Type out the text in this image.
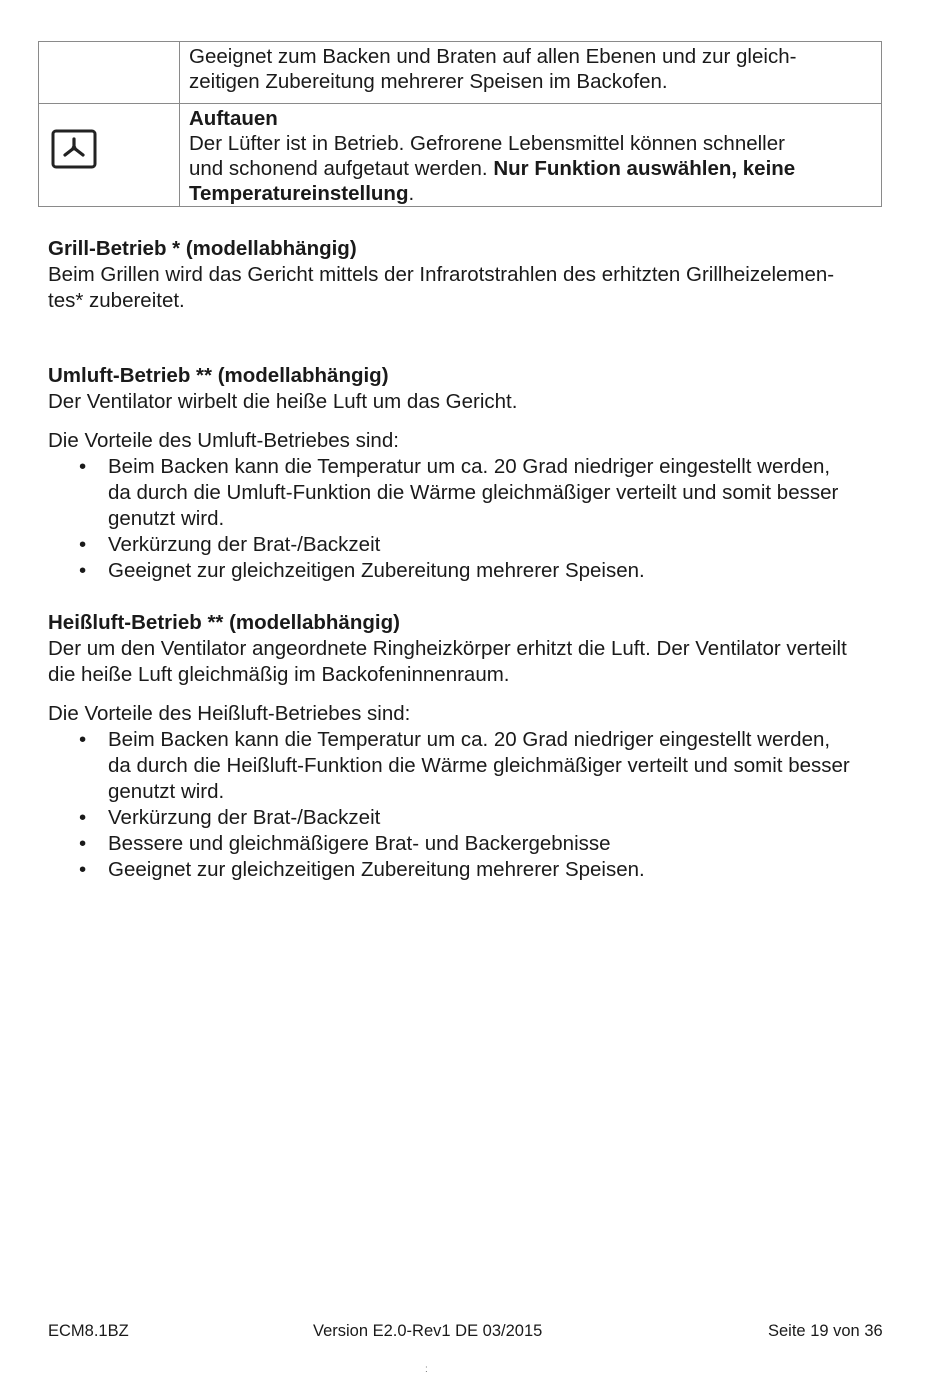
	Geeignet zum Backen und Braten auf allen Ebenen und zur gleich-
zeitigen Zubereitung mehrerer Speisen im Backofen.

	Auftauen
Der Lüfter ist in Betrieb. Gefrorene Lebensmittel können schneller
und schonend aufgetaut werden. Nur Funktion auswählen, keine
Temperatureinstellung.

Grill-Betrieb * (modellabhängig)

Beim Grillen wird das Gericht mittels der Infrarotstrahlen des erhitzten Grillheizelemen-

tes* zubereitet.

Umluft-Betrieb ** (modellabhängig)

Der Ventilator wirbelt die heiße Luft um das Gericht.

Die Vorteile des Umluft-Betriebes sind:

• Beim Backen kann die Temperatur um ca. 20 Grad niedriger eingestellt werden,
da durch die Umluft-Funktion die Wärme gleichmäßiger verteilt und somit besser
genutzt wird.
• Verkürzung der Brat-/Backzeit
• Geeignet zur gleichzeitigen Zubereitung mehrerer Speisen.

Heißluft-Betrieb ** (modellabhängig)

Der um den Ventilator angeordnete Ringheizkörper erhitzt die Luft. Der Ventilator verteilt

die heiße Luft gleichmäßig im Backofeninnenraum.

Die Vorteile des Heißluft-Betriebes sind:

• Beim Backen kann die Temperatur um ca. 20 Grad niedriger eingestellt werden,
da durch die Heißluft-Funktion die Wärme gleichmäßiger verteilt und somit besser
genutzt wird.
• Verkürzung der Brat-/Backzeit
• Bessere und gleichmäßigere Brat- und Backergebnisse
• Geeignet zur gleichzeitigen Zubereitung mehrerer Speisen.
ECM8.1BZ	Version E2.0-Rev1 DE 03/2015	Seite 19 von 36
:
